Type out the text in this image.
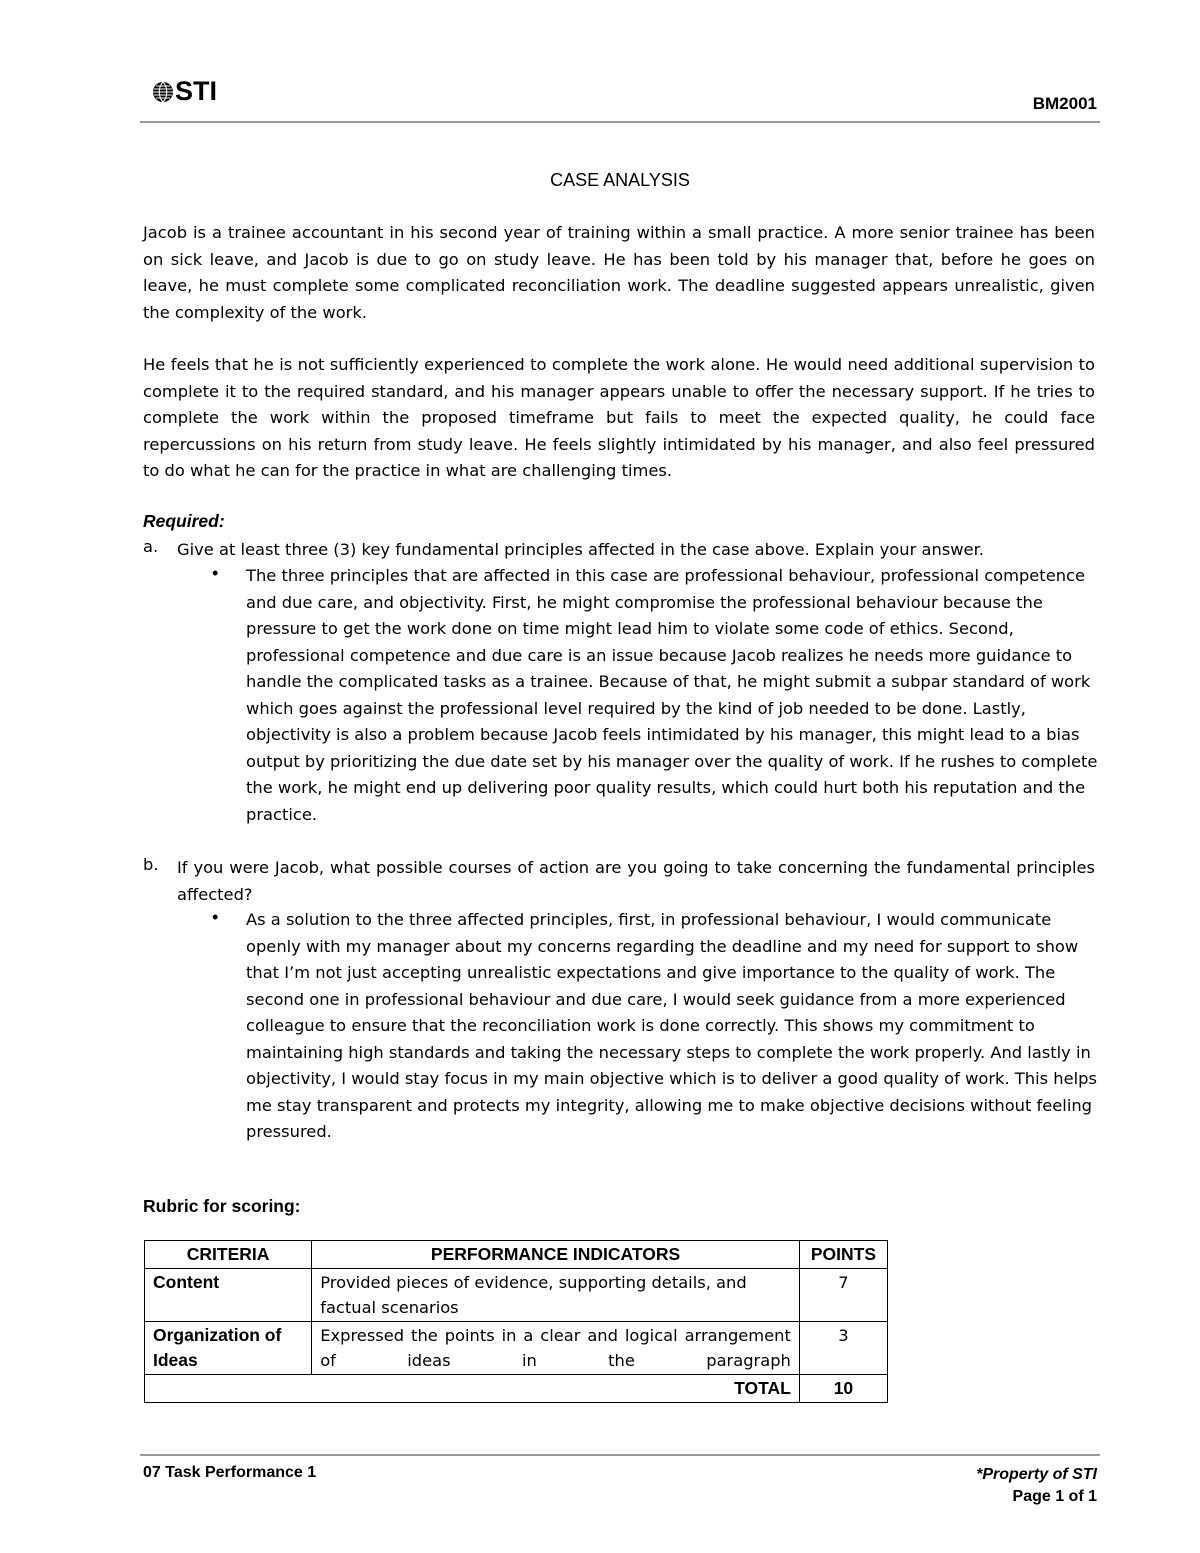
STI	BM2001
CASE ANALYSIS
Jacob is a trainee accountant in his second year of training within a small practice. A more senior trainee has been on sick leave, and Jacob is due to go on study leave. He has been told by his manager that, before he goes on leave, he must complete some complicated reconciliation work. The deadline suggested appears unrealistic, given the complexity of the work.
He feels that he is not sufficiently experienced to complete the work alone. He would need additional supervision to complete it to the required standard, and his manager appears unable to offer the necessary support. If he tries to complete the work within the proposed timeframe but fails to meet the expected quality, he could face repercussions on his return from study leave. He feels slightly intimidated by his manager, and also feel pressured to do what he can for the practice in what are challenging times.
Required:
a. Give at least three (3) key fundamental principles affected in the case above. Explain your answer.
• The three principles that are affected in this case are professional behaviour, professional competence and due care, and objectivity. First, he might compromise the professional behaviour because the pressure to get the work done on time might lead him to violate some code of ethics. Second, professional competence and due care is an issue because Jacob realizes he needs more guidance to handle the complicated tasks as a trainee. Because of that, he might submit a subpar standard of work which goes against the professional level required by the kind of job needed to be done. Lastly, objectivity is also a problem because Jacob feels intimidated by his manager, this might lead to a bias output by prioritizing the due date set by his manager over the quality of work. If he rushes to complete the work, he might end up delivering poor quality results, which could hurt both his reputation and the practice.
b. If you were Jacob, what possible courses of action are you going to take concerning the fundamental principles affected?
• As a solution to the three affected principles, first, in professional behaviour, I would communicate openly with my manager about my concerns regarding the deadline and my need for support to show that I’m not just accepting unrealistic expectations and give importance to the quality of work. The second one in professional behaviour and due care, I would seek guidance from a more experienced colleague to ensure that the reconciliation work is done correctly. This shows my commitment to maintaining high standards and taking the necessary steps to complete the work properly. And lastly in objectivity, I would stay focus in my main objective which is to deliver a good quality of work. This helps me stay transparent and protects my integrity, allowing me to make objective decisions without feeling pressured.
Rubric for scoring:
CRITERIA	PERFORMANCE INDICATORS	POINTS
Content	Provided pieces of evidence, supporting details, and factual scenarios	7
Organization of Ideas	Expressed the points in a clear and logical arrangement of ideas in the paragraph	3
TOTAL		10
07 Task Performance 1	*Property of STI
Page 1 of 1
